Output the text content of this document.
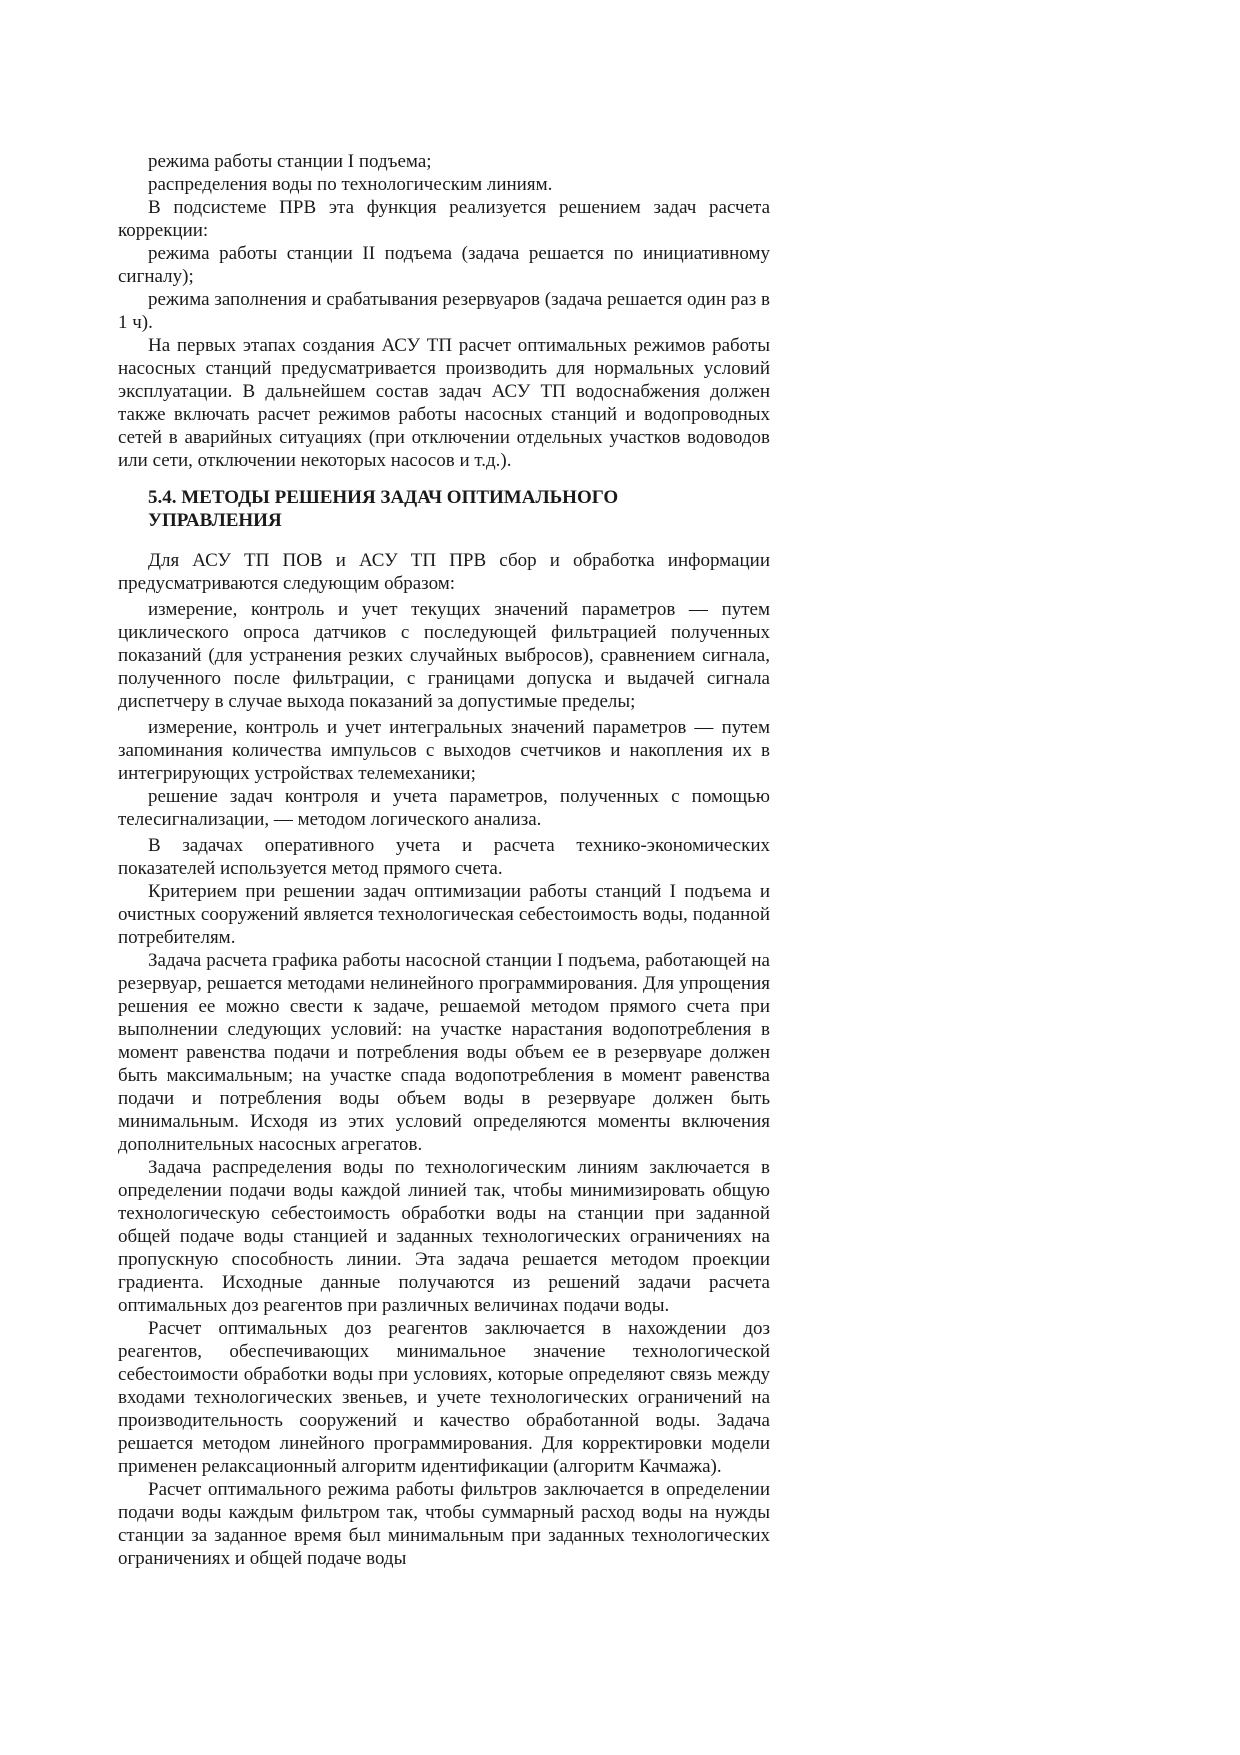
режима работы станции I подъема;

распределения воды по технологическим линиям.

В подсистеме ПРВ эта функция реализуется решением задач расчета коррекции:

режима работы станции II подъема (задача решается по инициативному сигналу);

режима заполнения и срабатывания резервуаров (задача решается один раз в 1 ч).

На первых этапах создания АСУ ТП расчет оптимальных режимов работы насосных станций предусматривается производить для нормальных условий эксплуатации. В дальнейшем состав задач АСУ ТП водоснабжения должен также включать расчет режимов работы насосных станций и водопроводных сетей в аварийных ситуациях (при отключении отдельных участков водоводов или сети, отключении некоторых насосов и т.д.).

5.4. МЕТОДЫ РЕШЕНИЯ ЗАДАЧ ОПТИМАЛЬНОГО
УПРАВЛЕНИЯ

Для АСУ ТП ПОВ и АСУ ТП ПРВ сбор и обработка информации предусматриваются следующим образом:

измерение, контроль и учет текущих значений параметров — путем циклического опроса датчиков с последующей фильтрацией полученных показаний (для устранения резких случайных выбросов), сравнением сигнала, полученного после фильтрации, с границами допуска и выдачей сигнала диспетчеру в случае выхода показаний за допустимые пределы;

измерение, контроль и учет интегральных значений параметров — путем запоминания количества импульсов с выходов счетчиков и накопления их в интегрирующих устройствах телемеханики;

решение задач контроля и учета параметров, полученных с помощью телесигнализации, — методом логического анализа.

В задачах оперативного учета и расчета технико-экономических показателей используется метод прямого счета.

Критерием при решении задач оптимизации работы станций I подъема и очистных сооружений является технологическая себестоимость воды, поданной потребителям.

Задача расчета графика работы насосной станции I подъема, работающей на резервуар, решается методами нелинейного программирования. Для упрощения решения ее можно свести к задаче, решаемой методом прямого счета при выполнении следующих условий: на участке нарастания водопотребления в момент равенства подачи и потребления воды объем ее в резервуаре должен быть максимальным; на участке спада водопотребления в момент равенства подачи и потребления воды объем воды в резервуаре должен быть минимальным. Исходя из этих условий определяются моменты включения дополнительных насосных агрегатов.

Задача распределения воды по технологическим линиям заключается в определении подачи воды каждой линией так, чтобы минимизировать общую технологическую себестоимость обработки воды на станции при заданной общей подаче воды станцией и заданных технологических ограничениях на пропускную способность линии. Эта задача решается методом проекции градиента. Исходные данные получаются из решений задачи расчета оптимальных доз реагентов при различных величинах подачи воды.

Расчет оптимальных доз реагентов заключается в нахождении доз реагентов, обеспечивающих минимальное значение технологической себестоимости обработки воды при условиях, которые определяют связь между входами технологических звеньев, и учете технологических ограничений на производительность сооружений и качество обработанной воды. Задача решается методом линейного программирования. Для корректировки модели применен релаксационный алгоритм идентификации (алгоритм Качмажа).

Расчет оптимального режима работы фильтров заключается в определении подачи воды каждым фильтром так, чтобы суммарный расход воды на нужды станции за заданное время был минимальным при заданных технологических ограничениях и общей подаче воды
